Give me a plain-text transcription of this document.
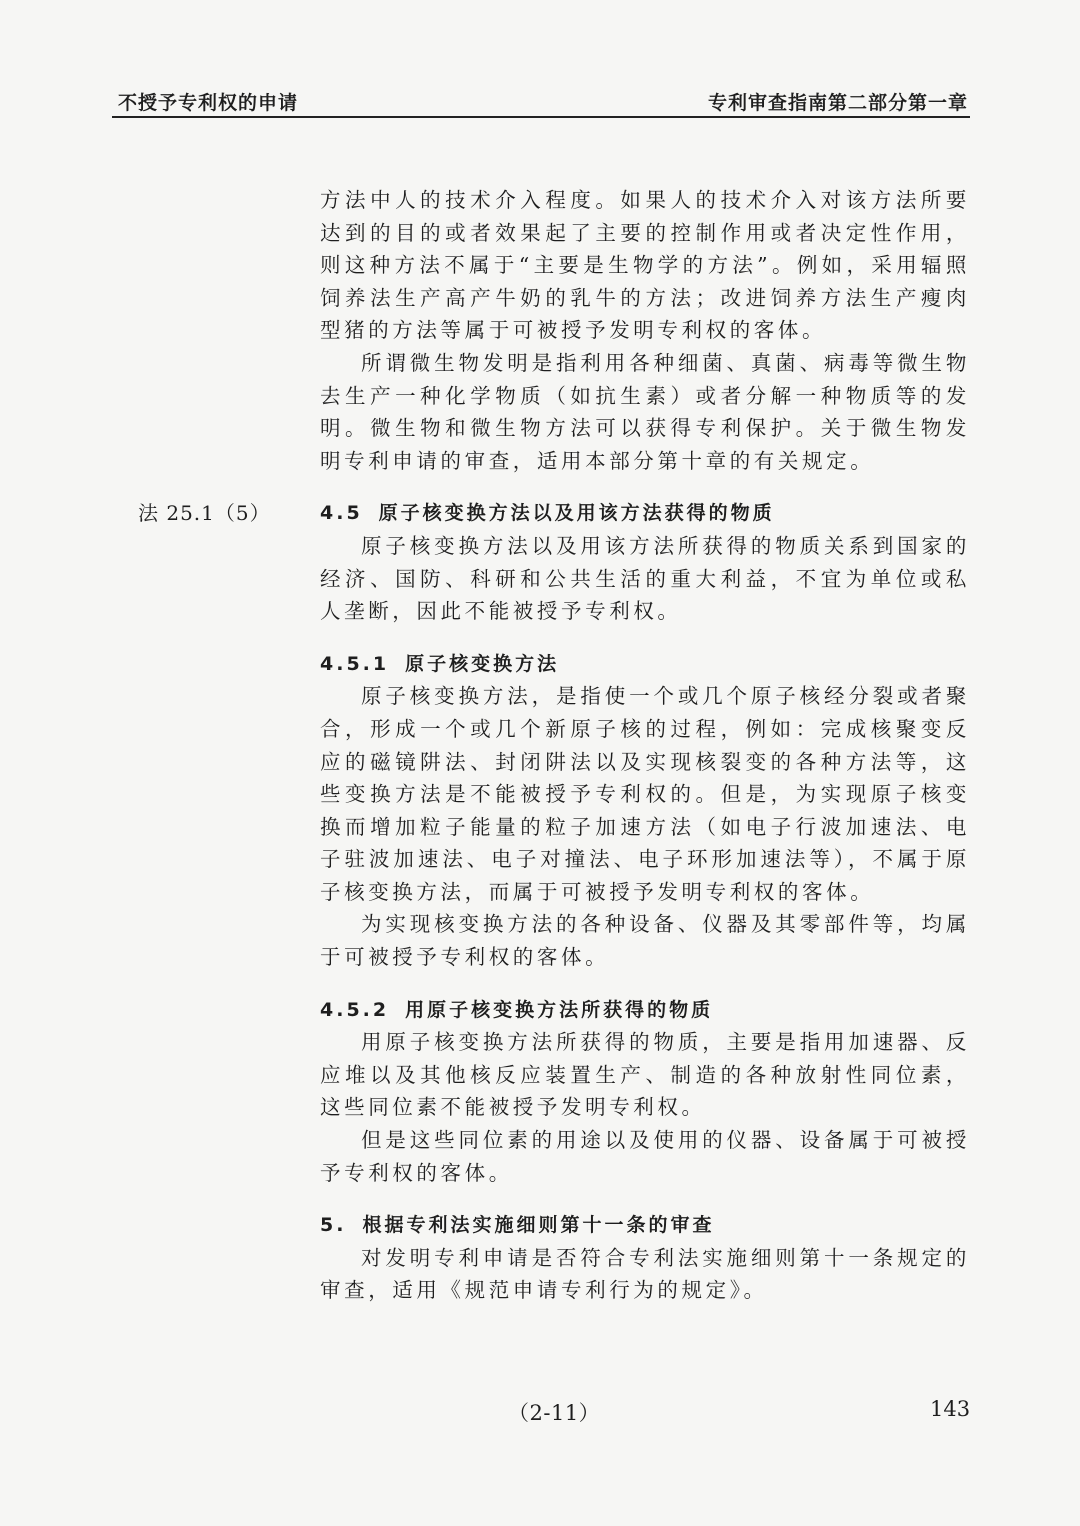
不授予专利权的申请	专利审查指南第二部分第一章

方法中人的技术介入程度。如果人的技术介入对该方法所要达到的目的或者效果起了主要的控制作用或者决定性作用，则这种方法不属于“主要是生物学的方法”。例如，采用辐照饲养法生产高产牛奶的乳牛的方法；改进饲养方法生产瘦肉型猪的方法等属于可被授予发明专利权的客体。

所谓微生物发明是指利用各种细菌、真菌、病毒等微生物去生产一种化学物质（如抗生素）或者分解一种物质等的发明。微生物和微生物方法可以获得专利保护。关于微生物发明专利申请的审查，适用本部分第十章的有关规定。

法 25.1（5）	4.5 原子核变换方法以及用该方法获得的物质

原子核变换方法以及用该方法所获得的物质关系到国家的经济、国防、科研和公共生活的重大利益，不宜为单位或私人垄断，因此不能被授予专利权。

4.5.1 原子核变换方法

原子核变换方法，是指使一个或几个原子核经分裂或者聚合，形成一个或几个新原子核的过程，例如：完成核聚变反应的磁镜阱法、封闭阱法以及实现核裂变的各种方法等，这些变换方法是不能被授予专利权的。但是，为实现原子核变换而增加粒子能量的粒子加速方法（如电子行波加速法、电子驻波加速法、电子对撞法、电子环形加速法等），不属于原子核变换方法，而属于可被授予发明专利权的客体。

为实现核变换方法的各种设备、仪器及其零部件等，均属于可被授予专利权的客体。

4.5.2 用原子核变换方法所获得的物质

用原子核变换方法所获得的物质，主要是指用加速器、反应堆以及其他核反应装置生产、制造的各种放射性同位素，这些同位素不能被授予发明专利权。

但是这些同位素的用途以及使用的仪器、设备属于可被授予专利权的客体。

5. 根据专利法实施细则第十一条的审查

对发明专利申请是否符合专利法实施细则第十一条规定的审查，适用《规范申请专利行为的规定》。

（2-11）	143
